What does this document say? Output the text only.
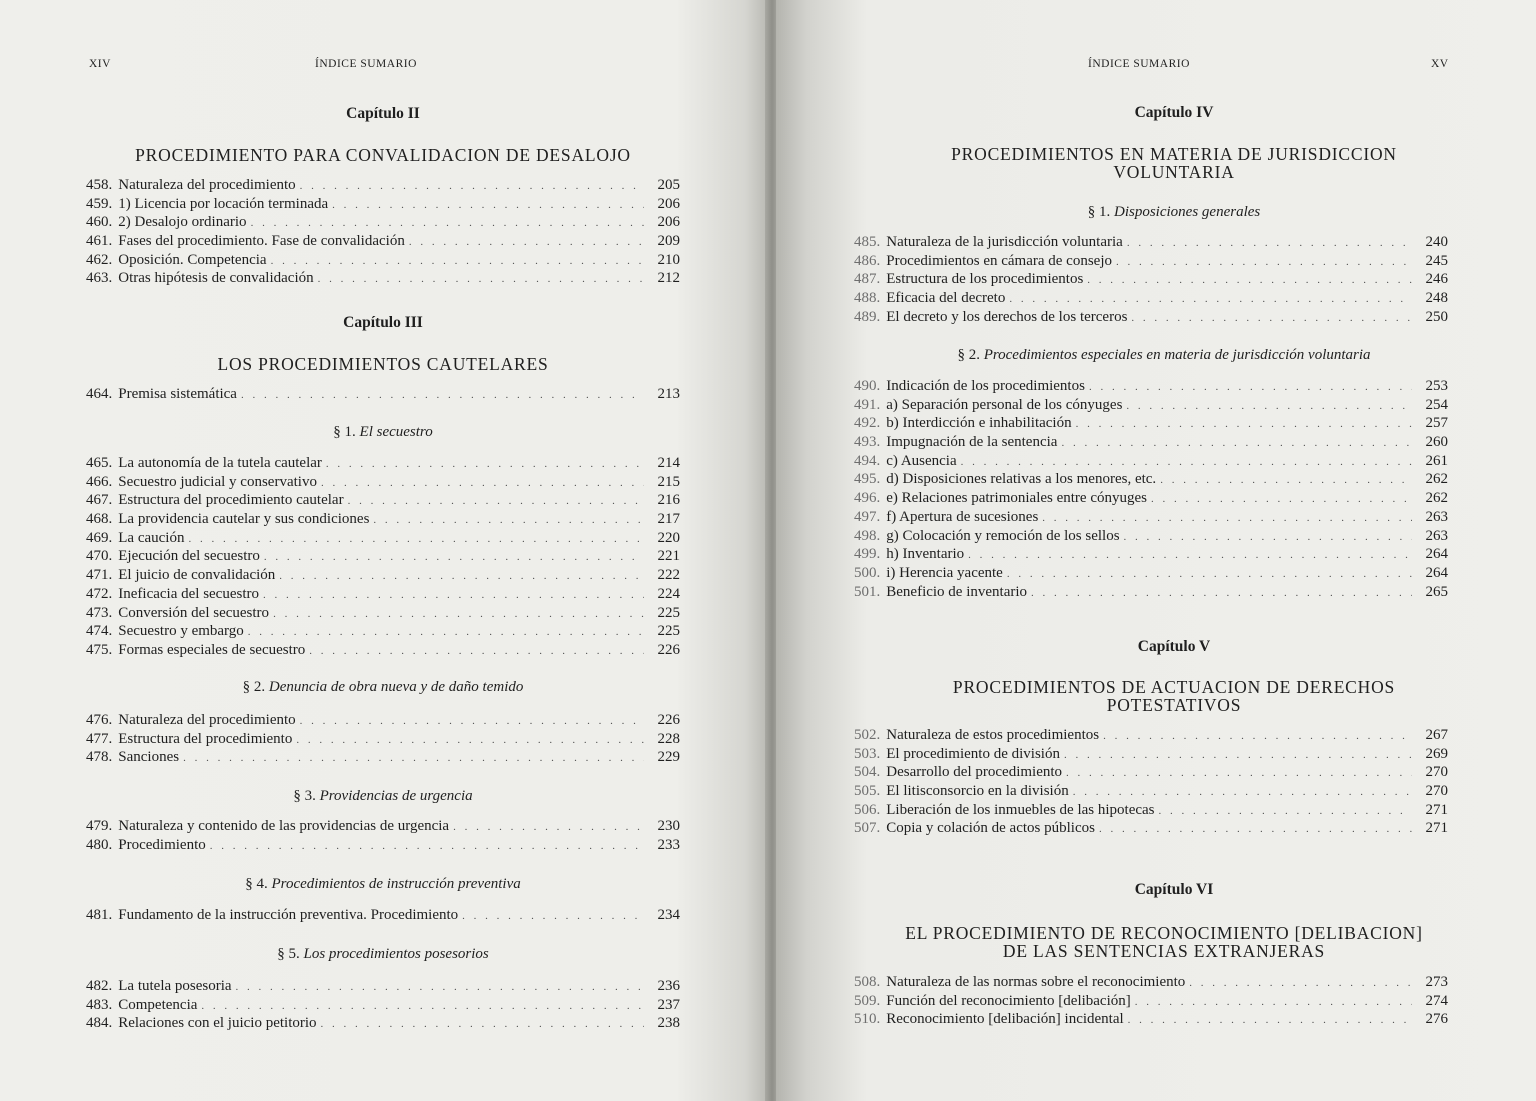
XIV	ÍNDICE SUMARIO
Capítulo II
PROCEDIMIENTO PARA CONVALIDACION DE DESALOJO
458. Naturaleza del procedimiento . . .	205
459. 1) Licencia por locación terminada . . .	206
460. 2) Desalojo ordinario . . .	206
461. Fases del procedimiento. Fase de convalidación . . .	209
462. Oposición. Competencia . . .	210
463. Otras hipótesis de convalidación . . .	212
Capítulo III
LOS PROCEDIMIENTOS CAUTELARES
464. Premisa sistemática . . .	213
§ 1. El secuestro
465. La autonomía de la tutela cautelar . . .	214
466. Secuestro judicial y conservativo . . .	215
467. Estructura del procedimiento cautelar . . .	216
468. La providencia cautelar y sus condiciones . . .	217
469. La caución . . .	220
470. Ejecución del secuestro . . .	221
471. El juicio de convalidación . . .	222
472. Ineficacia del secuestro . . .	224
473. Conversión del secuestro . . .	225
474. Secuestro y embargo . . .	225
475. Formas especiales de secuestro . . .	226
§ 2. Denuncia de obra nueva y de daño temido
476. Naturaleza del procedimiento . . .	226
477. Estructura del procedimiento . . .	228
478. Sanciones . . .	229
§ 3. Providencias de urgencia
479. Naturaleza y contenido de las providencias de urgencia . . .	230
480. Procedimiento . . .	233
§ 4. Procedimientos de instrucción preventiva
481. Fundamento de la instrucción preventiva. Procedimiento . . .	234
§ 5. Los procedimientos posesorios
482. La tutela posesoria . . .	236
483. Competencia . . .	237
484. Relaciones con el juicio petitorio . . .	238
ÍNDICE SUMARIO	XV
Capítulo IV
PROCEDIMIENTOS EN MATERIA DE JURISDICCION
VOLUNTARIA
§ 1. Disposiciones generales
485. Naturaleza de la jurisdicción voluntaria . . .	240
486. Procedimientos en cámara de consejo . . .	245
487. Estructura de los procedimientos . . .	246
488. Eficacia del decreto . . .	248
489. El decreto y los derechos de los terceros . . .	250
§ 2. Procedimientos especiales en materia de jurisdicción voluntaria
490. Indicación de los procedimientos . . .	253
491. a) Separación personal de los cónyuges . . .	254
492. b) Interdicción e inhabilitación . . .	257
493. Impugnación de la sentencia . . .	260
494. c) Ausencia . . .	261
495. d) Disposiciones relativas a los menores, etc. . . .	262
496. e) Relaciones patrimoniales entre cónyuges . . .	262
497. f) Apertura de sucesiones . . .	263
498. g) Colocación y remoción de los sellos . . .	263
499. h) Inventario . . .	264
500. i) Herencia yacente . . .	264
501. Beneficio de inventario . . .	265
Capítulo V
PROCEDIMIENTOS DE ACTUACION DE DERECHOS
POTESTATIVOS
502. Naturaleza de estos procedimientos . . .	267
503. El procedimiento de división . . .	269
504. Desarrollo del procedimiento . . .	270
505. El litisconsorcio en la división . . .	270
506. Liberación de los inmuebles de las hipotecas . . .	271
507. Copia y colación de actos públicos . . .	271
Capítulo VI
EL PROCEDIMIENTO DE RECONOCIMIENTO [DELIBACION]
DE LAS SENTENCIAS EXTRANJERAS
508. Naturaleza de las normas sobre el reconocimiento . . .	273
509. Función del reconocimiento [delibación] . . .	274
510. Reconocimiento [delibación] incidental . . .	276
